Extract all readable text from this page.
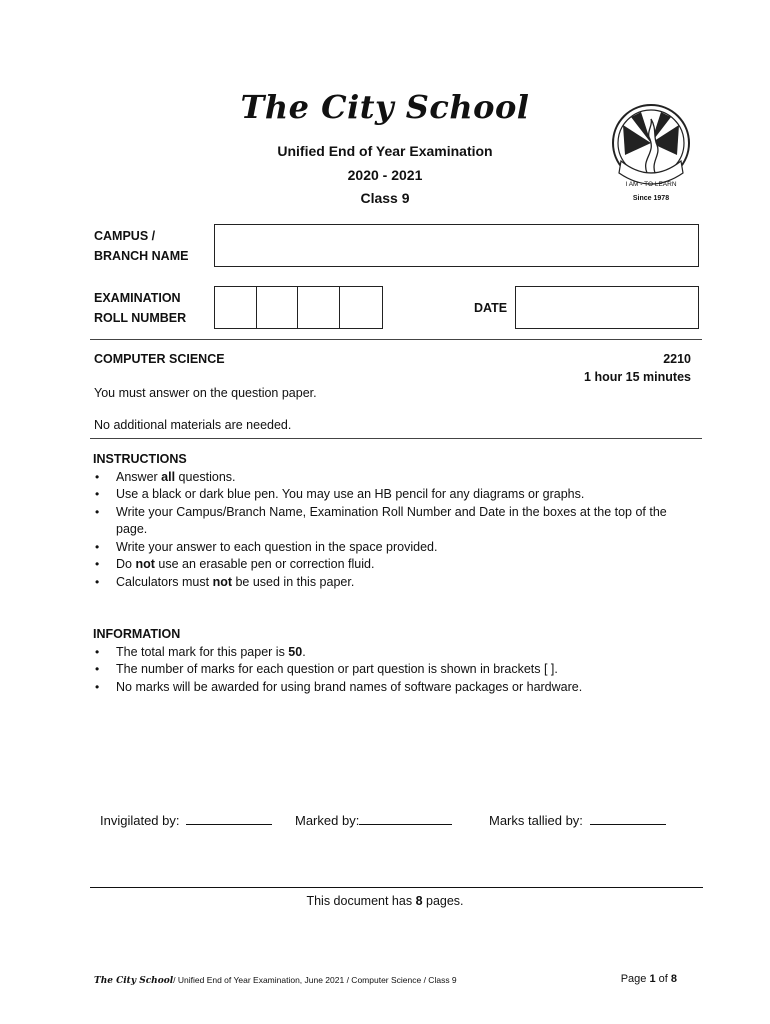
The City School
Unified End of Year Examination
2020 - 2021
Class 9
I AM - TO LEARN
Since 1978
CAMPUS /
BRANCH NAME
EXAMINATION
ROLL NUMBER
DATE
COMPUTER SCIENCE	2210
1 hour 15 minutes
You must answer on the question paper.
No additional materials are needed.
INSTRUCTIONS
• Answer all questions.
• Use a black or dark blue pen. You may use an HB pencil for any diagrams or graphs.
• Write your Campus/Branch Name, Examination Roll Number and Date in the boxes at the top of the page.
• Write your answer to each question in the space provided.
• Do not use an erasable pen or correction fluid.
• Calculators must not be used in this paper.
INFORMATION
• The total mark for this paper is 50.
• The number of marks for each question or part question is shown in brackets [ ].
• No marks will be awarded for using brand names of software packages or hardware.
Invigilated by:	Marked by:	Marks tallied by:
This document has 8 pages.
The City School/ Unified End of Year Examination, June 2021 / Computer Science / Class 9	Page 1 of 8
